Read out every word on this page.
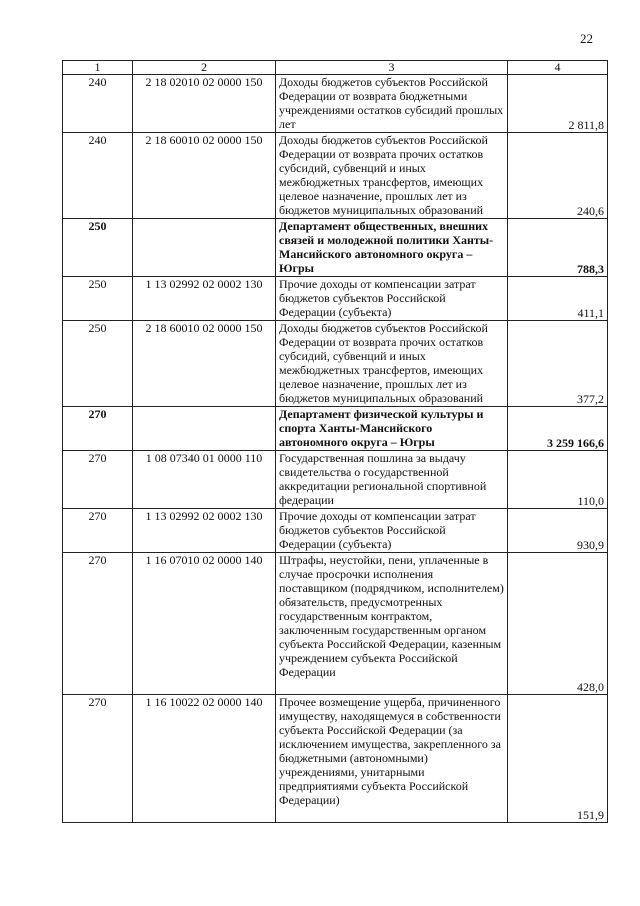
22
1	2	3	4
240	2 18 02010 02 0000 150	Доходы бюджетов субъектов Российской Федерации от возврата бюджетными учреждениями остатков субсидий прошлых лет	2 811,8
240	2 18 60010 02 0000 150	Доходы бюджетов субъектов Российской Федерации от возврата прочих остатков субсидий, субвенций и иных межбюджетных трансфертов, имеющих целевое назначение, прошлых лет из бюджетов муниципальных образований	240,6
250		Департамент общественных, внешних связей и молодежной политики Ханты-Мансийского автономного округа – Югры	788,3
250	1 13 02992 02 0002 130	Прочие доходы от компенсации затрат бюджетов субъектов Российской Федерации (субъекта)	411,1
250	2 18 60010 02 0000 150	Доходы бюджетов субъектов Российской Федерации от возврата прочих остатков субсидий, субвенций и иных межбюджетных трансфертов, имеющих целевое назначение, прошлых лет из бюджетов муниципальных образований	377,2
270		Департамент физической культуры и спорта Ханты-Мансийского автономного округа – Югры	3 259 166,6
270	1 08 07340 01 0000 110	Государственная пошлина за выдачу свидетельства о государственной аккредитации региональной спортивной федерации	110,0
270	1 13 02992 02 0002 130	Прочие доходы от компенсации затрат бюджетов субъектов Российской Федерации (субъекта)	930,9
270	1 16 07010 02 0000 140	Штрафы, неустойки, пени, уплаченные в случае просрочки исполнения поставщиком (подрядчиком, исполнителем) обязательств, предусмотренных государственным контрактом, заключенным государственным органом субъекта Российской Федерации, казенным учреждением субъекта Российской Федерации	428,0
270	1 16 10022 02 0000 140	Прочее возмещение ущерба, причиненного имуществу, находящемуся в собственности субъекта Российской Федерации (за исключением имущества, закрепленного за бюджетными (автономными) учреждениями, унитарными предприятиями субъекта Российской Федерации)	151,9
